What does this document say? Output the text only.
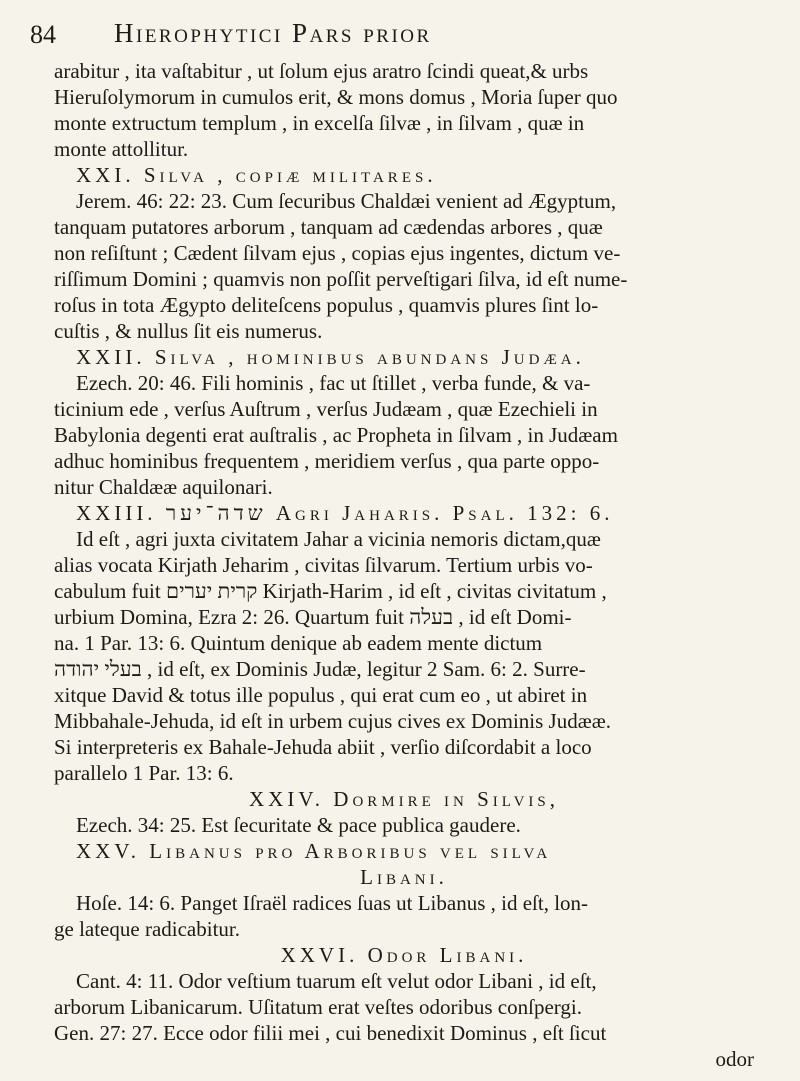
84 Hierophytici Pars prior
arabitur , ita vaſtabitur , ut ſolum ejus aratro ſcindi queat,& urbs
Hieruſolymorum in cumulos erit, & mons domus , Moria ſuper quo
monte extructum templum , in excelſa ſilvæ , in ſilvam , quæ in
monte attollitur.
XXI. Silva , copiæ militares.
Jerem. 46: 22: 23. Cum ſecuribus Chaldæi venient ad Ægyptum,
tanquam putatores arborum , tanquam ad cædendas arbores , quæ
non reſiſtunt ; Cædent ſilvam ejus , copias ejus ingentes, dictum ve-
riſſimum Domini ; quamvis non poſſit perveſtigari ſilva, id eſt nume-
roſus in tota Ægypto deliteſcens populus , quamvis plures ſint lo-
cuſtis , & nullus ſit eis numerus.
XXII. Silva , hominibus abundans Judæa.
Ezech. 20: 46. Fili hominis , fac ut ſtillet , verba funde, & va-
ticinium ede , verſus Auſtrum , verſus Judæam , quæ Ezechieli in
Babylonia degenti erat auſtralis , ac Propheta in ſilvam , in Judæam
adhuc hominibus frequentem , meridiem verſus , qua parte oppo-
nitur Chaldææ aquilonari.
XXIII. שדה־יער Agri Jaharis. Pſal. 132: 6.
Id eſt , agri juxta civitatem Jahar a vicinia nemoris dictam,quæ
alias vocata Kirjath Jeharim , civitas ſilvarum. Tertium urbis vo-
cabulum fuit קרית יערים Kirjath-Harim , id eſt , civitas civitatum ,
urbium Domina, Ezra 2: 26. Quartum fuit בעלה , id eſt Domi-
na. 1 Par. 13: 6. Quintum denique ab eadem mente dictum
בעלי יהודה , id eſt, ex Dominis Judæ, legitur 2 Sam. 6: 2. Surre-
xitque David & totus ille populus , qui erat cum eo , ut abiret in
Mibbahale-Jehuda, id eſt in urbem cujus cives ex Dominis Judææ.
Si interpreteris ex Bahale-Jehuda abiit , verſio diſcordabit a loco
parallelo 1 Par. 13: 6.
XXIV. Dormire in Silvis,
Ezech. 34: 25. Est ſecuritate & pace publica gaudere.
XXV. Libanus pro Arboribus vel silva
Libani.
Hoſe. 14: 6. Panget Iſraël radices ſuas ut Libanus , id eſt, lon-
ge lateque radicabitur.
XXVI. Odor Libani.
Cant. 4: 11. Odor veſtium tuarum eſt velut odor Libani , id eſt,
arborum Libanicarum. Uſitatum erat veſtes odoribus conſpergi.
Gen. 27: 27. Ecce odor filii mei , cui benedixit Dominus , eſt ſicut
odor
